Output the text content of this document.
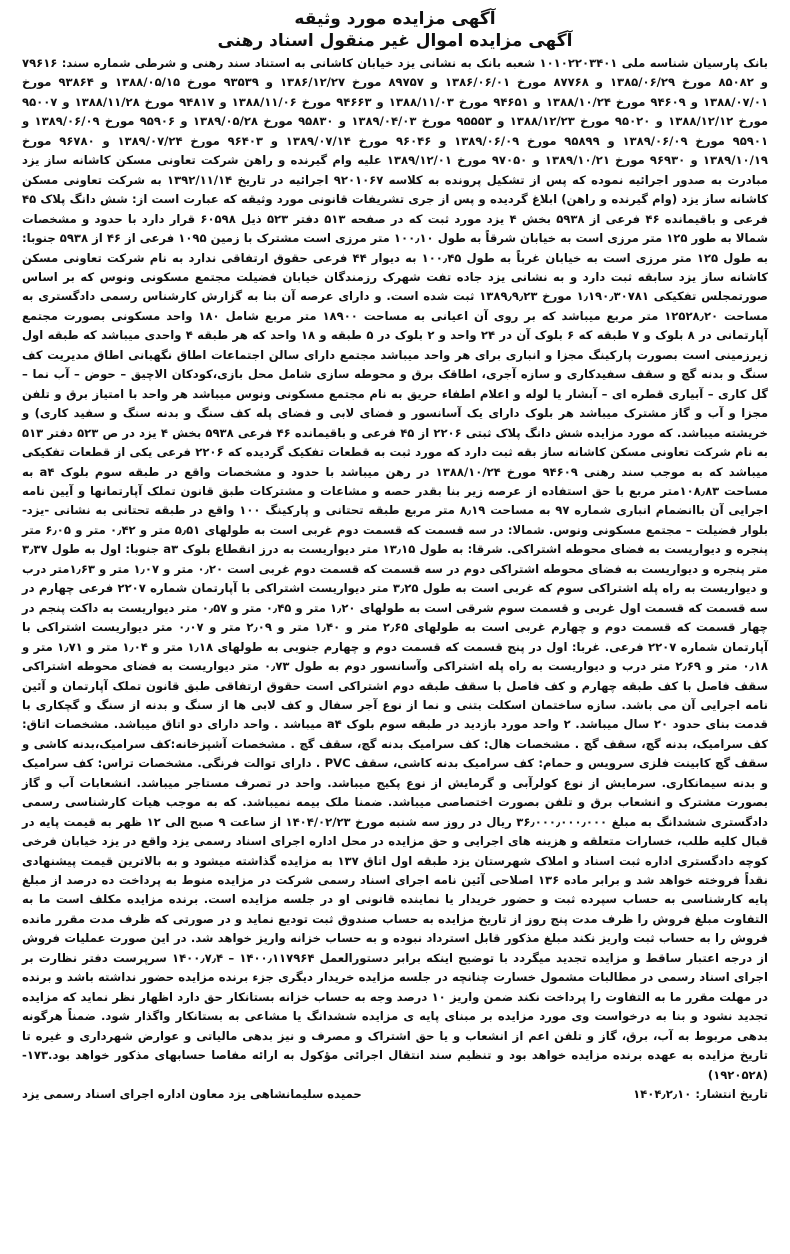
آگهی مزایده مورد وثیقه
آگهی مزایده اموال غیر منقول اسناد رهنی

بانک پارسیان شناسه ملی ۱۰۱۰۲۲۰۳۴۰۱ شعبه بانک به نشانی یزد خیابان کاشانی به استناد سند رهنی و شرطی شماره سند: ۷۹۶۱۶ و ۸۵۰۸۲ مورخ ۱۳۸۵/۰۶/۲۹ و ۸۷۷۶۸ مورخ ۱۳۸۶/۰۶/۰۱ و ۸۹۷۵۷ مورخ ۱۳۸۶/۱۲/۲۷ و ۹۳۵۳۹ مورخ ۱۳۸۸/۰۵/۱۵ و ۹۳۸۶۴ مورخ ۱۳۸۸/۰۷/۰۱ و ۹۴۶۰۹ مورخ ۱۳۸۸/۱۰/۲۴ و ۹۴۶۵۱ مورخ ۱۳۸۸/۱۱/۰۳ و ۹۴۶۶۳ مورخ ۱۳۸۸/۱۱/۰۶ و ۹۴۸۱۷ مورخ ۱۳۸۸/۱۱/۲۸ و ۹۵۰۰۷ مورخ ۱۳۸۸/۱۲/۱۲ و ۹۵۰۲۰ مورخ ۱۳۸۸/۱۲/۲۳ و ۹۵۵۵۳ مورخ ۱۳۸۹/۰۴/۰۳ و ۹۵۸۳۰ مورخ ۱۳۸۹/۰۵/۲۸ و ۹۵۹۰۶ مورخ ۱۳۸۹/۰۶/۰۹ و ۹۵۹۰۱ مورخ ۱۳۸۹/۰۶/۰۹ و ۹۵۸۹۹ مورخ ۱۳۸۹/۰۶/۰۹ و ۹۶۰۴۶ مورخ ۱۳۸۹/۰۷/۱۴ و ۹۶۴۰۳ مورخ ۱۳۸۹/۰۷/۲۴ و ۹۶۷۸۰ مورخ ۱۳۸۹/۱۰/۱۹ و ۹۶۹۳۰ مورخ ۱۳۸۹/۱۰/۲۱ و ۹۷۰۵۰ مورخ ۱۳۸۹/۱۲/۰۱ علیه وام گیرنده و راهن شرکت تعاونی مسکن کاشانه ساز یزد مبادرت به صدور اجرائیه نموده که پس از تشکیل پرونده به کلاسه ۹۲۰۱۰۶۷ اجرائیه در تاریخ ۱۳۹۲/۱۱/۱۴ به شرکت تعاونی مسکن کاشانه ساز یزد (وام گیرنده و راهن) ابلاغ گردیده و پس از جری تشریفات قانونی مورد وثیقه که عبارت است از: شش دانگ پلاک ۴۵ فرعی و باقیمانده ۴۶ فرعی از ۵۹۳۸ بخش ۴ یزد مورد ثبت که در صفحه ۵۱۳ دفتر ۵۲۳ ذیل ۶۰۵۹۸ قرار دارد با حدود و مشخصات شمالا به طور ۱۲۵ متر مرزی است به خیابان شرقاً به طول ۱۰۰٫۱۰ متر مرزی است مشترک با زمین ۱۰۹۵ فرعی از ۴۶ از ۵۹۳۸ جنوبا: به طول ۱۲۵ متر مرزی است به خیابان غرباً به طول ۱۰۰٫۴۵ به دیوار ۴۴ فرعی حقوق ارتفاقی ندارد به نام شرکت تعاونی مسکن کاشانه ساز یزد سابقه ثبت دارد و به نشانی یزد جاده تفت شهرک رزمندگان خیابان فضیلت مجتمع مسکونی ونوس که بر اساس صورتمجلس تفکیکی ۱٫۱۹۰٫۳۰۷۸۱ مورخ ۱۳۸۹٫۹٫۲۳ ثبت شده است. و دارای عرصه آن بنا به گزارش کارشناس رسمی دادگستری به مساحت ۱۲۵۲۸٫۲۰ متر مربع میباشد که بر روی آن اعیانی به مساحت ۱۸۹۰۰ متر مربع شامل ۱۸۰ واحد مسکونی بصورت مجتمع آپارتمانی در ۸ بلوک و ۷ طبقه که ۶ بلوک آن در ۲۴ واحد و ۲ بلوک در ۵ طبقه و ۱۸ واحد که هر طبقه ۴ واحدی میباشد که طبقه اول زیرزمینی است بصورت پارکینگ مجزا و انباری برای هر واحد میباشد مجتمع دارای سالن اجتماعات اطاق نگهبانی اطاق مدیریت کف سنگ و بدنه گچ و سقف سفیدکاری و سازه آجری، اطاقک برق و محوطه سازی شامل محل بازی،کودکان الاچیق – حوض – آب نما – گل کاری – آبیاری قطره ای – آبشار یا لوله و اعلام اطفاء حریق به نام مجتمع مسکونی ونوس میباشد هر واحد با امتیاز برق و تلفن مجزا و آب و گاز مشترک میباشد هر بلوک دارای یک آسانسور و فضای لابی و فضای پله کف سنگ و بدنه سنگ و سفید کاری) و خریشته میباشد. که مورد مزایده شش دانگ پلاک ثبتی ۲۲۰۶ از ۴۵ فرعی و باقیمانده ۴۶ فرعی ۵۹۳۸ بخش ۴ یزد در ص ۵۲۳ دفتر ۵۱۳ به نام شرکت تعاونی مسکن کاشانه ساز بقه ثبت دارد که مورد ثبت به قطعات تفکیک گردیده که ۲۲۰۶ فرعی یکی از قطعات تفکیکی میباشد که به موجب سند رهنی ۹۴۶۰۹ مورخ ۱۳۸۸/۱۰/۲۴ در رهن میباشد با حدود و مشخصات واقع در طبقه سوم بلوک a۴ به مساحت ۱۰۸٫۸۳متر مربع با حق استفاده از عرصه زیر بنا بقدر حصه و مشاعات و مشترکات طبق قانون تملک آپارتمانها و آیین نامه اجرایی آن باانضمام انباری شماره ۹۷ به مساحت ۸٫۱۹ متر مربع طبقه تحتانی و پارکینگ ۱۰۰ واقع در طبقه تحتانی به نشانی -یزد- بلوار فضیلت – مجتمع مسکونی ونوس. شمالا: در سه قسمت که قسمت دوم غربی است به طولهای ۵٫۵۱ متر و ۰٫۴۲ متر و ۶٫۰۵ متر پنجره و دیواریست به فضای محوطه اشتراکی. شرقا: به طول ۱۳٫۱۵ متر دیواریست به درز انقطاع بلوک a۳ جنوبا: اول به طول ۳٫۳۷ متر پنجره و دیواریست به فضای محوطه اشتراکی دوم در سه قسمت که قسمت دوم غربی است ۰٫۲۰ متر و ۱٫۰۷ متر و ۱٫۶۳متر درب و دیواریست به راه پله اشتراکی سوم که غربی است به طول ۳٫۲۵ متر دیواریست اشتراکی با آپارتمان شماره ۲۲۰۷ فرعی چهارم در سه قسمت که قسمت اول غربی و قسمت سوم شرقی است به طولهای ۱٫۲۰ متر و ۰٫۴۵ متر و ۰٫۵۷ متر دیواریست به داکت پنجم در چهار قسمت که قسمت دوم و چهارم غربی است به طولهای ۲٫۶۵ متر و ۱٫۴۰ متر و ۲٫۰۹ متر و ۰٫۰۷ متر دیواریست اشتراکی با آپارتمان شماره ۲۲۰۷ فرعی. غربا: اول در پنج قسمت که قسمت دوم و چهارم جنوبی به طولهای ۱٫۱۸ متر و ۱٫۰۴ متر و ۱٫۷۱ متر و ۰٫۱۸ متر و ۲٫۶۹ متر درب و دیواریست به راه پله اشتراکی وآسانسور دوم به طول ۰٫۷۳ متر دیواریست به فضای محوطه اشتراکی سقف فاصل با کف طبقه چهارم و کف فاصل با سقف طبقه دوم اشتراکی است حقوق ارتفاقی طبق قانون تملک آپارتمان و آئین نامه اجرایی آن می باشد. سازه ساختمان اسکلت بتنی و نما از نوع آجر سفال و کف لابی ها از سنگ و بدنه از سنگ و گچکاری با قدمت بنای حدود ۲۰ سال میباشد. ۲ واحد مورد بازدید در طبقه سوم بلوک a۴ میباشد . واحد دارای دو اتاق میباشد. مشخصات اتاق: کف سرامیک، بدنه گچ، سقف گچ . مشخصات هال: کف سرامیک بدنه گچ، سقف گچ . مشخصات آشپزخانه:کف سرامیک،بدنه کاشی و سقف گچ کابینت فلزی سرویس و حمام: کف سرامیک بدنه کاشی، سقف PVC . دارای توالت فرنگی. مشخصات تراس: کف سرامیک و بدنه سیمانکاری. سرمایش از نوع کولرآبی و گرمایش از نوع پکیج میباشد. واحد در تصرف مستاجر میباشد. انشعابات آب و گاز بصورت مشترک و انشعاب برق و تلفن بصورت اختصاصی میباشد. ضمنا ملک بیمه نمیباشد. که به موجب هیات کارشناسی رسمی دادگستری ششدانگ به مبلغ ۳۶٫۰۰۰٫۰۰۰٫۰۰۰ ریال در روز سه شنبه مورخ ۱۴۰۴/۰۲/۲۳ از ساعت ۹ صبح الی ۱۲ ظهر به قیمت پایه در قبال کلیه طلب، خسارات متعلقه و هزینه های اجرایی و حق مزایده در محل اداره اجرای اسناد رسمی یزد واقع در یزد خیابان فرخی کوچه دادگستری اداره ثبت اسناد و املاک شهرستان یزد طبقه اول اتاق ۱۳۷ به مزایده گذاشته میشود و به بالاترین قیمت پیشنهادی نقداً فروخته خواهد شد و برابر ماده ۱۳۶ اصلاحی آئین نامه اجرای اسناد رسمی شرکت در مزایده منوط به پرداخت ده درصد از مبلغ پایه کارشناسی به حساب سپرده ثبت و حضور خریدار یا نماینده قانونی او در جلسه مزایده است. برنده مزایده مکلف است ما به التفاوت مبلغ فروش را ظرف مدت پنج روز از تاریخ مزایده به حساب صندوق ثبت تودیع نماید و در صورتی که ظرف مدت مقرر مانده فروش را به حساب ثبت واریز نکند مبلغ مذکور قابل استرداد نبوده و به حساب خزانه واریز خواهد شد. در این صورت عملیات فروش از درجه اعتبار ساقط و مزایده تجدید میگردد با توضیح اینکه برابر دستورالعمل ۱۴۰۰٫۱۱۷۹۶۴ – ۱۴۰۰٫۷٫۴ سرپرست دفتر نظارت بر اجرای اسناد رسمی در مطالبات مشمول خسارت چنانچه در جلسه مزایده خریدار دیگری جزء برنده مزایده حضور نداشته باشد و برنده در مهلت مقرر ما به التفاوت را پرداخت نکند ضمن واریز ۱۰ درصد وجه به حساب خزانه بستانکار حق دارد اظهار نظر نماید که مزایده تجدید نشود و بنا به درخواست وی مورد مزایده بر مبنای پایه ی مزایده ششدانگ یا مشاعی به بستانکار واگذار شود. ضمناً هرگونه بدهی مربوط به آب، برق، گاز و تلفن اعم از انشعاب و یا حق اشتراک و مصرف و نیز بدهی مالیاتی و عوارض شهرداری و غیره تا تاریخ مزایده به عهده برنده مزایده خواهد بود و تنظیم سند انتقال اجرائی مؤکول به ارائه مفاصا حسابهای مذکور خواهد بود.۱۷۳-(۱۹۲۰۵۲۸)

تاریخ انتشار: ۱۴۰۴٫۲٫۱۰
حمیده سلیمانشاهی یزد معاون اداره اجرای اسناد رسمی یزد
